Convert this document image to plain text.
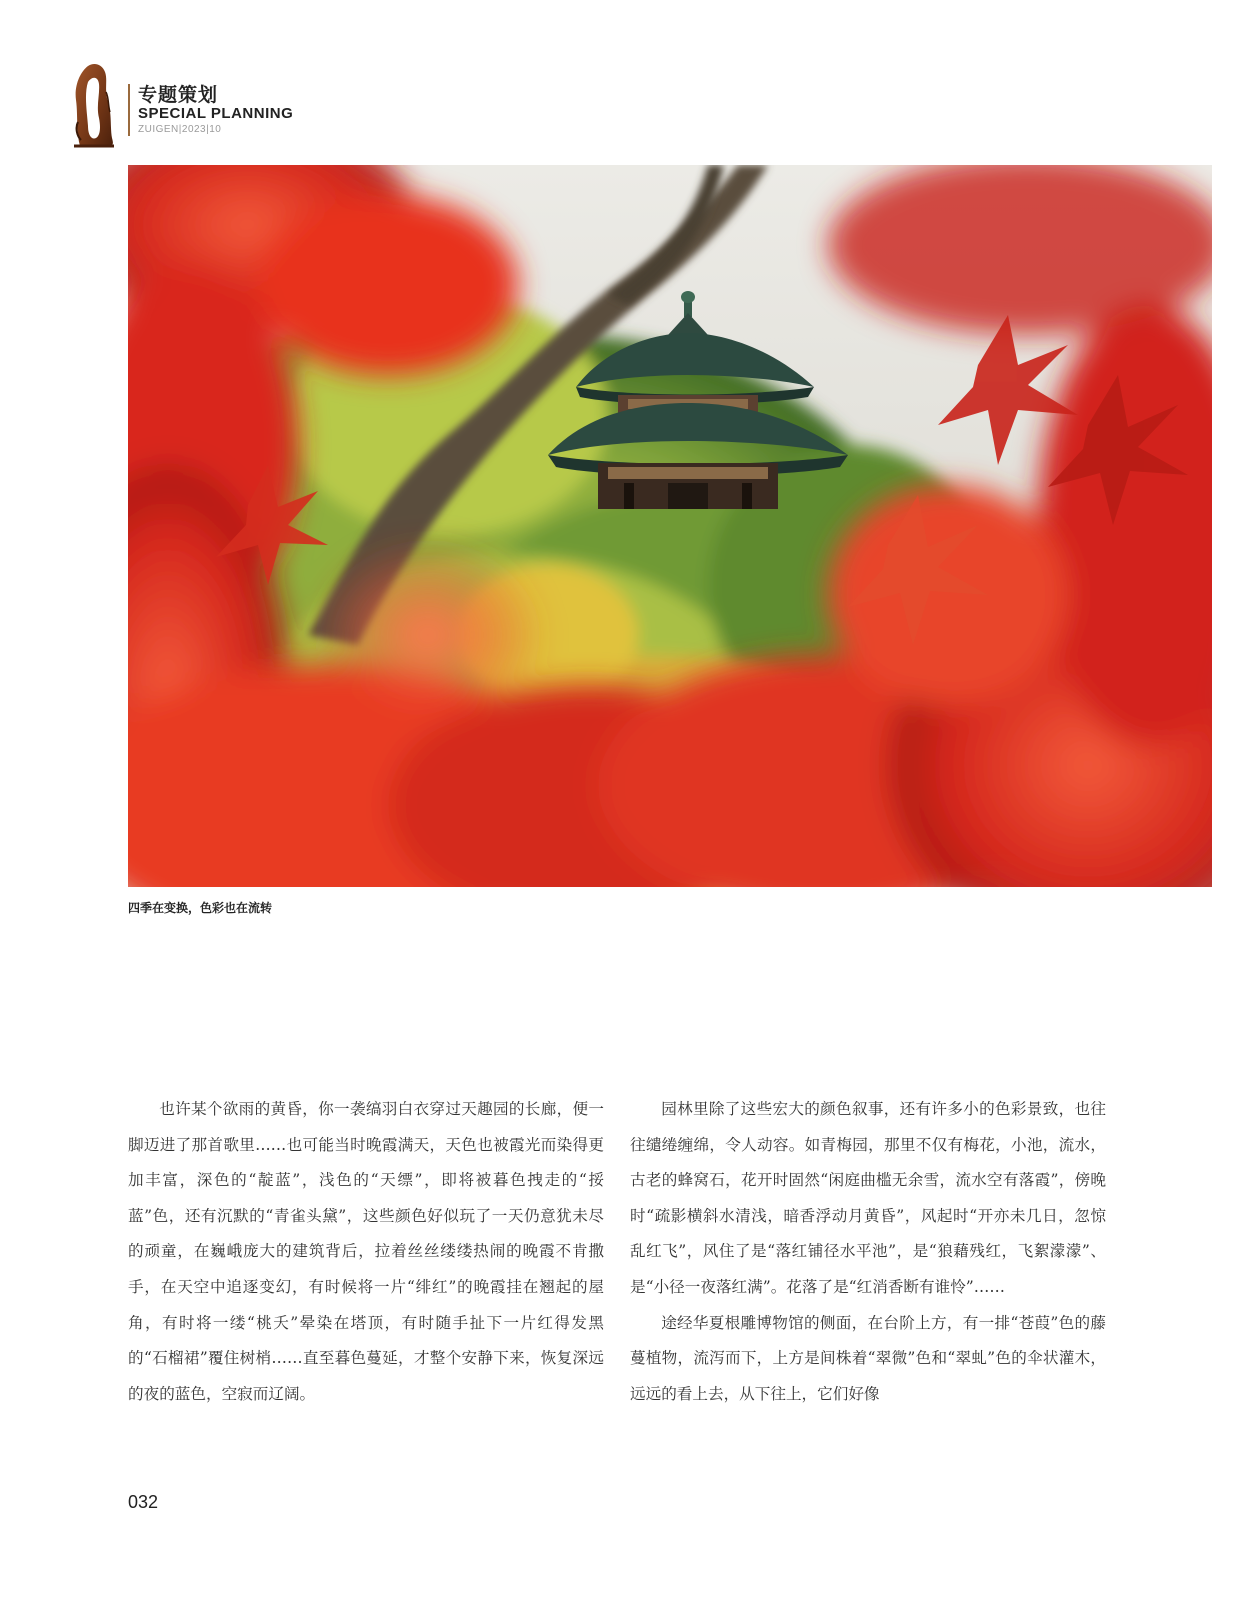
专题策划
SPECIAL PLANNING
ZUIGEN|2023|10
四季在变换，色彩也在流转

也许某个欲雨的黄昏，你一袭缟羽白衣穿过天趣园的长廊，便一脚迈进了那首歌里……也可能当时晚霞满天，天色也被霞光而染得更加丰富，深色的“靛蓝”，浅色的“天缥”，即将被暮色拽走的“挼蓝”色，还有沉默的“青雀头黛”，这些颜色好似玩了一天仍意犹未尽的顽童，在巍峨庞大的建筑背后，拉着丝丝缕缕热闹的晚霞不肯撒手，在天空中追逐变幻，有时候将一片“绯红”的晚霞挂在翘起的屋角，有时将一缕“桃夭”晕染在塔顶，有时随手扯下一片红得发黑的“石榴裙”覆住树梢……直至暮色蔓延，才整个安静下来，恢复深远的夜的蓝色，空寂而辽阔。

园林里除了这些宏大的颜色叙事，还有许多小的色彩景致，也往往缱绻缠绵，令人动容。如青梅园，那里不仅有梅花，小池，流水，古老的蜂窝石，花开时固然“闲庭曲槛无余雪，流水空有落霞”，傍晚时“疏影横斜水清浅，暗香浮动月黄昏”，风起时“开亦未几日，忽惊乱红飞”，风住了是“落红铺径水平池”，是“狼藉残红，飞絮濛濛”、是“小径一夜落红满”。花落了是“红消香断有谁怜”……

途经华夏根雕博物馆的侧面，在台阶上方，有一排“苍葭”色的藤蔓植物，流泻而下，上方是间株着“翠微”色和“翠虬”色的伞状灌木，远远的看上去，从下往上，它们好像

032
